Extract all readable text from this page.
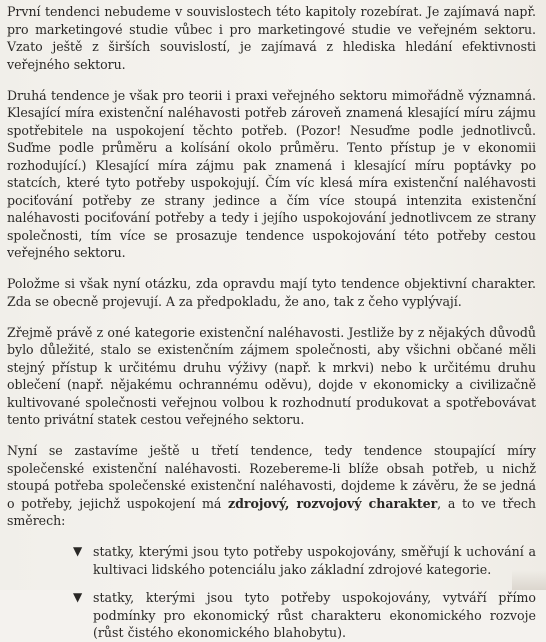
První tendenci nebudeme v souvislostech této kapitoly rozebírat. Je zajímavá např. pro marketingové studie vůbec i pro marketingové studie ve veřejném sektoru. Vzato ještě z širších souvislostí, je zajímavá z hlediska hledání efektivnosti veřejného sektoru.

Druhá tendence je však pro teorii i praxi veřejného sektoru mimořádně významná. Klesající míra existenční naléhavosti potřeb zároveň znamená klesající míru zájmu spotřebitele na uspokojení těchto potřeb. (Pozor! Nesuďme podle jednotlivců. Suďme podle průměru a kolísání okolo průměru. Tento přístup je v ekonomii rozhodující.) Klesající míra zájmu pak znamená i klesající míru poptávky po statcích, které tyto potřeby uspokojují. Čím víc klesá míra existenční naléhavosti pociťování potřeby ze strany jedince a čím více stoupá intenzita existenční naléhavosti pociťování potřeby a tedy i jejího uspokojování jednotlivcem ze strany společnosti, tím více se prosazuje tendence uspokojování této potřeby cestou veřejného sektoru.

Položme si však nyní otázku, zda opravdu mají tyto tendence objektivní charakter. Zda se obecně projevují. A za předpokladu, že ano, tak z čeho vyplývají.

Zřejmě právě z oné kategorie existenční naléhavosti. Jestliže by z nějakých důvodů bylo důležité, stalo se existenčním zájmem společnosti, aby všichni občané měli stejný přístup k určitému druhu výživy (např. k mrkvi) nebo k určitému druhu oblečení (např. nějakému ochrannému oděvu), dojde v ekonomicky a civilizačně kultivované společnosti veřejnou volbou k rozhodnutí produkovat a spotřebovávat tento privátní statek cestou veřejného sektoru.

Nyní se zastavíme ještě u třetí tendence, tedy tendence stoupající míry společenské existenční naléhavosti. Rozebereme-li blíže obsah potřeb, u nichž stoupá potřeba společenské existenční naléhavosti, dojdeme k závěru, že se jedná o potřeby, jejichž uspokojení má zdrojový, rozvojový charakter, a to ve třech směrech:

▼ statky, kterými jsou tyto potřeby uspokojovány, směřují k uchování a kultivaci lidského potenciálu jako základní zdrojové kategorie.
▼ statky, kterými jsou tyto potřeby uspokojovány, vytváří přímo podmínky pro ekonomický růst charakteru ekonomického rozvoje (růst čistého ekonomického blahobytu).
